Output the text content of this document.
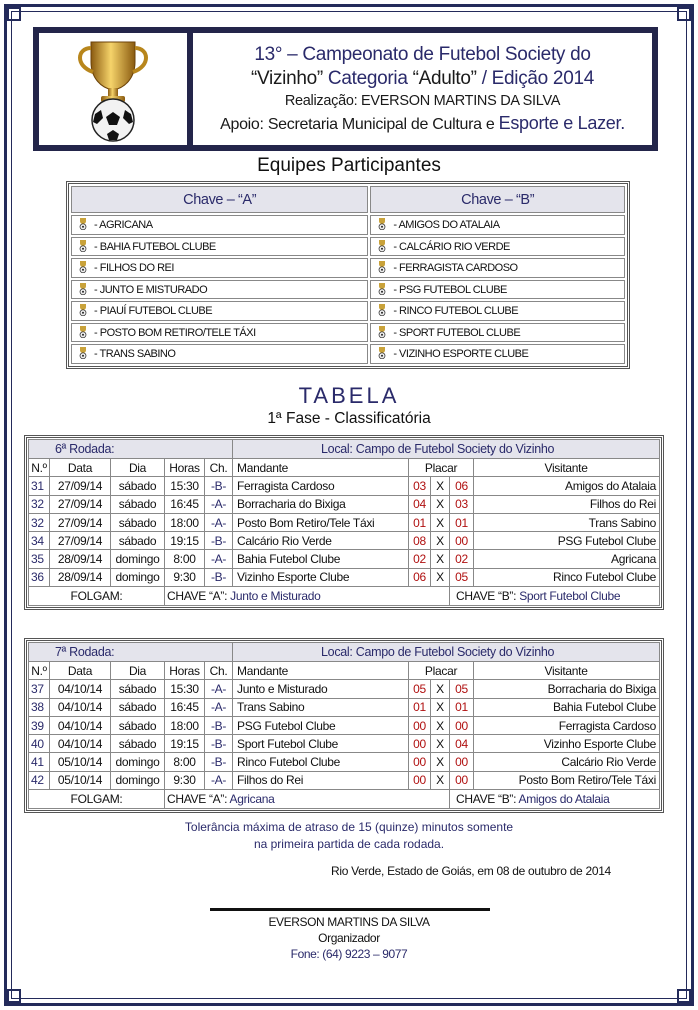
13° – Campeonato de Futebol Society do
“Vizinho” Categoria “Adulto” / Edição 2014
Realização: EVERSON MARTINS DA SILVA
Apoio: Secretaria Municipal de Cultura e Esporte e Lazer.
Equipes Participantes
Chave – “A”	Chave – “B”
- AGRICANA	- AMIGOS DO ATALAIA
- BAHIA FUTEBOL CLUBE	- CALCÁRIO RIO VERDE
- FILHOS DO REI	- FERRAGISTA CARDOSO
- JUNTO E MISTURADO	- PSG FUTEBOL CLUBE
- PIAUÍ FUTEBOL CLUBE	- RINCO FUTEBOL CLUBE
- POSTO BOM RETIRO/TELE TÁXI	- SPORT FUTEBOL CLUBE
- TRANS SABINO	- VIZINHO ESPORTE CLUBE
TABELA
1ª Fase - Classificatória
6ª Rodada:					Local: Campo de Futebol Society do Vizinho				
N.º	Data	Dia	Horas	Ch.	Mandante	Placar			Visitante
31	27/09/14	sábado	15:30	-B-	Ferragista Cardoso	03	X	06	Amigos do Atalaia
32	27/09/14	sábado	16:45	-A-	Borracharia do Bixiga	04	X	03	Filhos do Rei
32	27/09/14	sábado	18:00	-A-	Posto Bom Retiro/Tele Táxi	01	X	01	Trans Sabino
34	27/09/14	sábado	19:15	-B-	Calcário Rio Verde	08	X	00	PSG Futebol Clube
35	28/09/14	domingo	8:00	-A-	Bahia Futebol Clube	02	X	02	Agricana
36	28/09/14	domingo	9:30	-B-	Vizinho Esporte Clube	06	X	05	Rinco Futebol Clube
FOLGAM:			CHAVE “A”: Junto e Misturado					CHAVE “B”: Sport Futebol Clube	
7ª Rodada:					Local: Campo de Futebol Society do Vizinho				
N.º	Data	Dia	Horas	Ch.	Mandante	Placar			Visitante
37	04/10/14	sábado	15:30	-A-	Junto e Misturado	05	X	05	Borracharia do Bixiga
38	04/10/14	sábado	16:45	-A-	Trans Sabino	01	X	01	Bahia Futebol Clube
39	04/10/14	sábado	18:00	-B-	PSG Futebol Clube	00	X	00	Ferragista Cardoso
40	04/10/14	sábado	19:15	-B-	Sport Futebol Clube	00	X	04	Vizinho Esporte Clube
41	05/10/14	domingo	8:00	-B-	Rinco Futebol Clube	00	X	00	Calcário Rio Verde
42	05/10/14	domingo	9:30	-A-	Filhos do Rei	00	X	00	Posto Bom Retiro/Tele Táxi
FOLGAM:			CHAVE “A”: Agricana					CHAVE “B”: Amigos do Atalaia	
Tolerância máxima de atraso de 15 (quinze) minutos somente
na primeira partida de cada rodada.
Rio Verde, Estado de Goiás, em 08 de outubro de 2014
EVERSON MARTINS DA SILVA
Organizador
Fone: (64) 9223 – 9077
